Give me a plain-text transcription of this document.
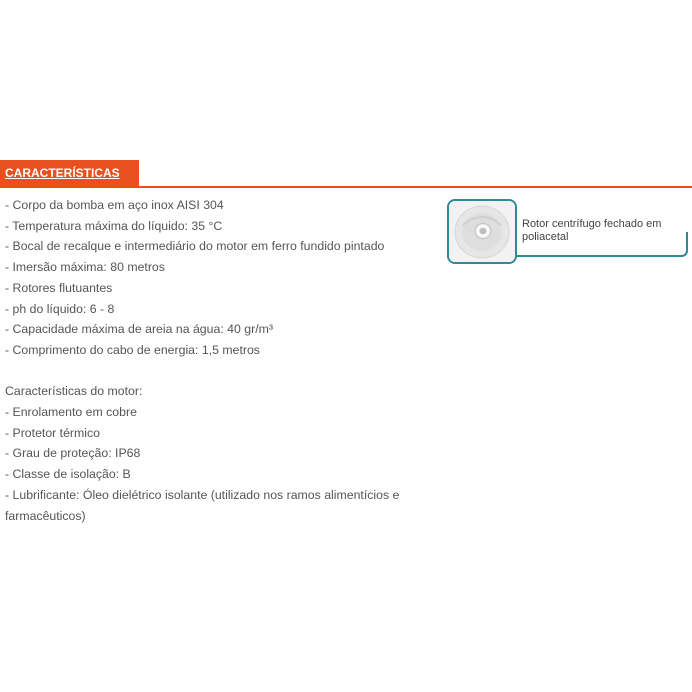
CARACTERÍSTICAS
- Corpo da bomba em aço inox AISI 304
- Temperatura máxima do líquido: 35 °C
- Bocal de recalque e intermediário do motor em ferro fundido pintado
- Imersão máxima: 80 metros
- Rotores flutuantes
- ph do líquido: 6 - 8
- Capacidade máxima de areia na água: 40 gr/m³
- Comprimento do cabo de energia: 1,5 metros
Características do motor:
- Enrolamento em cobre
- Protetor térmico
- Grau de proteção: IP68
- Classe de isolação: B
- Lubrificante: Óleo dielétrico isolante (utilizado nos ramos alimentícios e farmacêuticos)
Rotor centrífugo fechado em poliacetal
